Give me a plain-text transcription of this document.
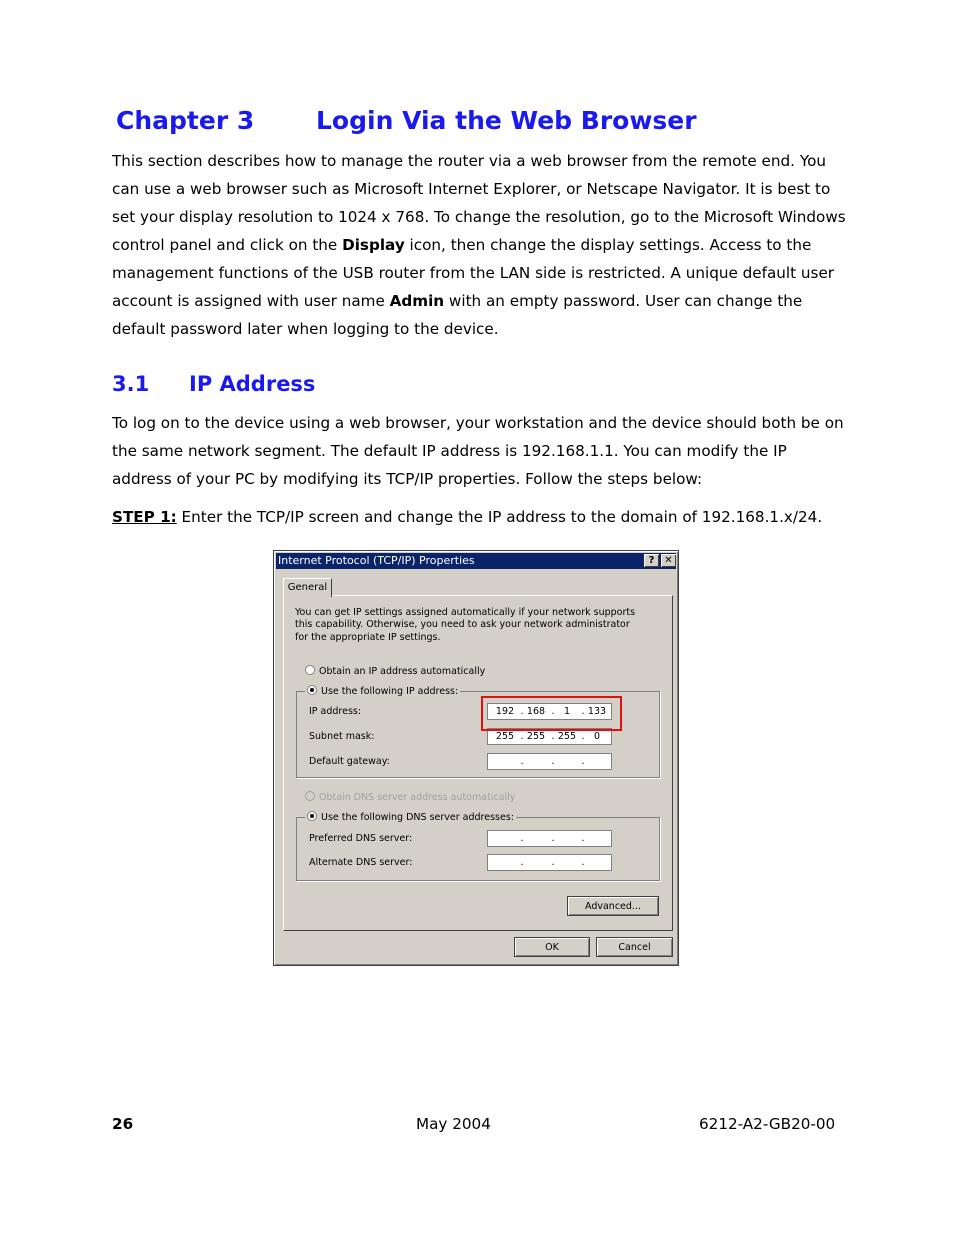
Chapter 3 Login Via the Web Browser

This section describes how to manage the router via a web browser from the remote end. You can use a web browser such as Microsoft Internet Explorer, or Netscape Navigator. It is best to set your display resolution to 1024 x 768. To change the resolution, go to the Microsoft Windows control panel and click on the Display icon, then change the display settings. Access to the management functions of the USB router from the LAN side is restricted. A unique default user account is assigned with user name Admin with an empty password. User can change the default password later when logging to the device.

3.1 IP Address

To log on to the device using a web browser, your workstation and the device should both be on the same network segment. The default IP address is 192.168.1.1. You can modify the IP address of your PC by modifying its TCP/IP properties. Follow the steps below:

STEP 1: Enter the TCP/IP screen and change the IP address to the domain of 192.168.1.x/24.
Internet Protocol (TCP/IP) Properties	? ✕
General
You can get IP settings assigned automatically if your network supports this capability. Otherwise, you need to ask your network administrator for the appropriate IP settings.
Obtain an IP address automatically
Use the following IP address:
IP address:	192 . 168 . 1	. 133
Subnet mask:	255 . 255 . 255 . 0
Default gateway:	.	.	.
Obtain DNS server address automatically
Use the following DNS server addresses:
Preferred DNS server:	.	.	.
Alternate DNS server:	.	.	.
Advanced...
OK	Cancel
26	May 2004	6212-A2-GB20-00
